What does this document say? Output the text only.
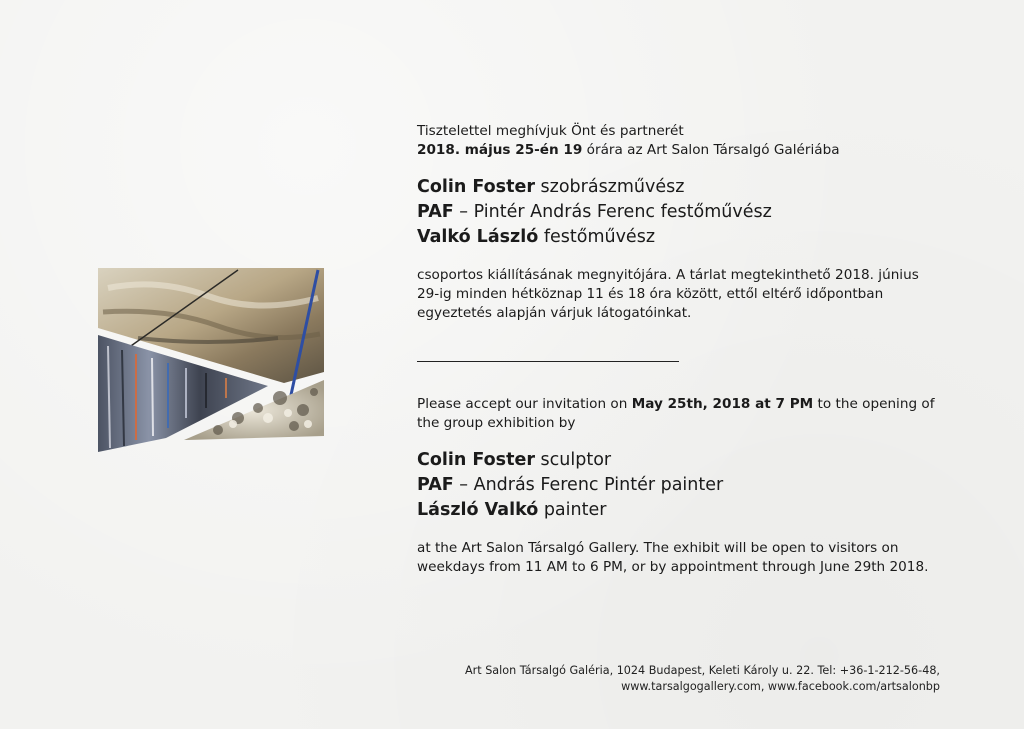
Tisztelettel meghívjuk Önt és partnerét
2018. május 25-én 19 órára az Art Salon Társalgó Galériába

Colin Foster szobrászművész
PAF – Pintér András Ferenc festőművész
Valkó László festőművész

csoportos kiállításának megnyitójára. A tárlat megtekinthető 2018. június 29-ig minden hétköznap 11 és 18 óra között, ettől eltérő időpontban egyeztetés alapján várjuk látogatóinkat.

Please accept our invitation on May 25th, 2018 at 7 PM to the opening of the group exhibition by

Colin Foster sculptor
PAF – András Ferenc Pintér painter
László Valkó painter

at the Art Salon Társalgó Gallery. The exhibit will be open to visitors on weekdays from 11 AM to 6 PM, or by appointment through June 29th 2018.

Art Salon Társalgó Galéria, 1024 Budapest, Keleti Károly u. 22. Tel: +36-1-212-56-48,
www.tarsalgogallery.com, www.facebook.com/artsalonbp
